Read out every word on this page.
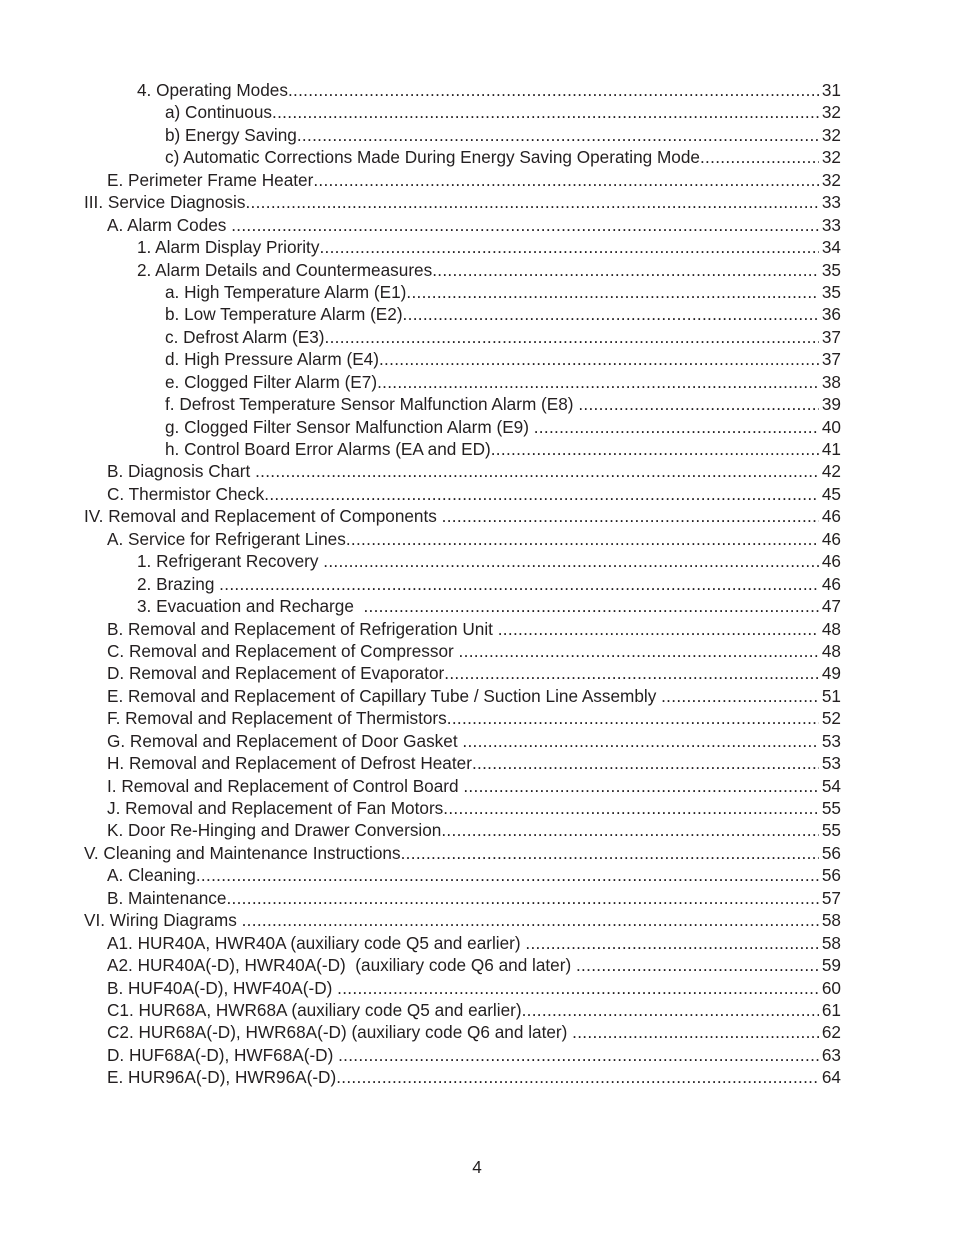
4. Operating Modes .....	31
a) Continuous .....	32
b) Energy Saving .....	32
c) Automatic Corrections Made During Energy Saving Operating Mode .....	32
E. Perimeter Frame Heater .....	32
III. Service Diagnosis .....	33
A. Alarm Codes .....	33
1. Alarm Display Priority .....	34
2. Alarm Details and Countermeasures .....	35
a. High Temperature Alarm (E1) .....	35
b. Low Temperature Alarm (E2) .....	36
c. Defrost Alarm (E3) .....	37
d. High Pressure Alarm (E4) .....	37
e. Clogged Filter Alarm (E7) .....	38
f. Defrost Temperature Sensor Malfunction Alarm (E8) .....	39
g. Clogged Filter Sensor Malfunction Alarm (E9) .....	40
h. Control Board Error Alarms (EA and ED) .....	41
B. Diagnosis Chart .....	42
C. Thermistor Check .....	45
IV. Removal and Replacement of Components .....	46
A. Service for Refrigerant Lines .....	46
1. Refrigerant Recovery .....	46
2. Brazing .....	46
3. Evacuation and Recharge .....	47
B. Removal and Replacement of Refrigeration Unit .....	48
C. Removal and Replacement of Compressor .....	48
D. Removal and Replacement of Evaporator .....	49
E. Removal and Replacement of Capillary Tube / Suction Line Assembly .....	51
F. Removal and Replacement of Thermistors .....	52
G. Removal and Replacement of Door Gasket .....	53
H. Removal and Replacement of Defrost Heater .....	53
I. Removal and Replacement of Control Board .....	54
J. Removal and Replacement of Fan Motors .....	55
K. Door Re-Hinging and Drawer Conversion .....	55
V. Cleaning and Maintenance Instructions .....	56
A. Cleaning .....	56
B. Maintenance .....	57
VI. Wiring Diagrams .....	58
A1. HUR40A, HWR40A (auxiliary code Q5 and earlier) .....	58
A2. HUR40A(-D), HWR40A(-D)  (auxiliary code Q6 and later) .....	59
B. HUF40A(-D), HWF40A(-D) .....	60
C1. HUR68A, HWR68A (auxiliary code Q5 and earlier) .....	61
C2. HUR68A(-D), HWR68A(-D) (auxiliary code Q6 and later) .....	62
D. HUF68A(-D), HWF68A(-D) .....	63
E. HUR96A(-D), HWR96A(-D) .....	64
4
